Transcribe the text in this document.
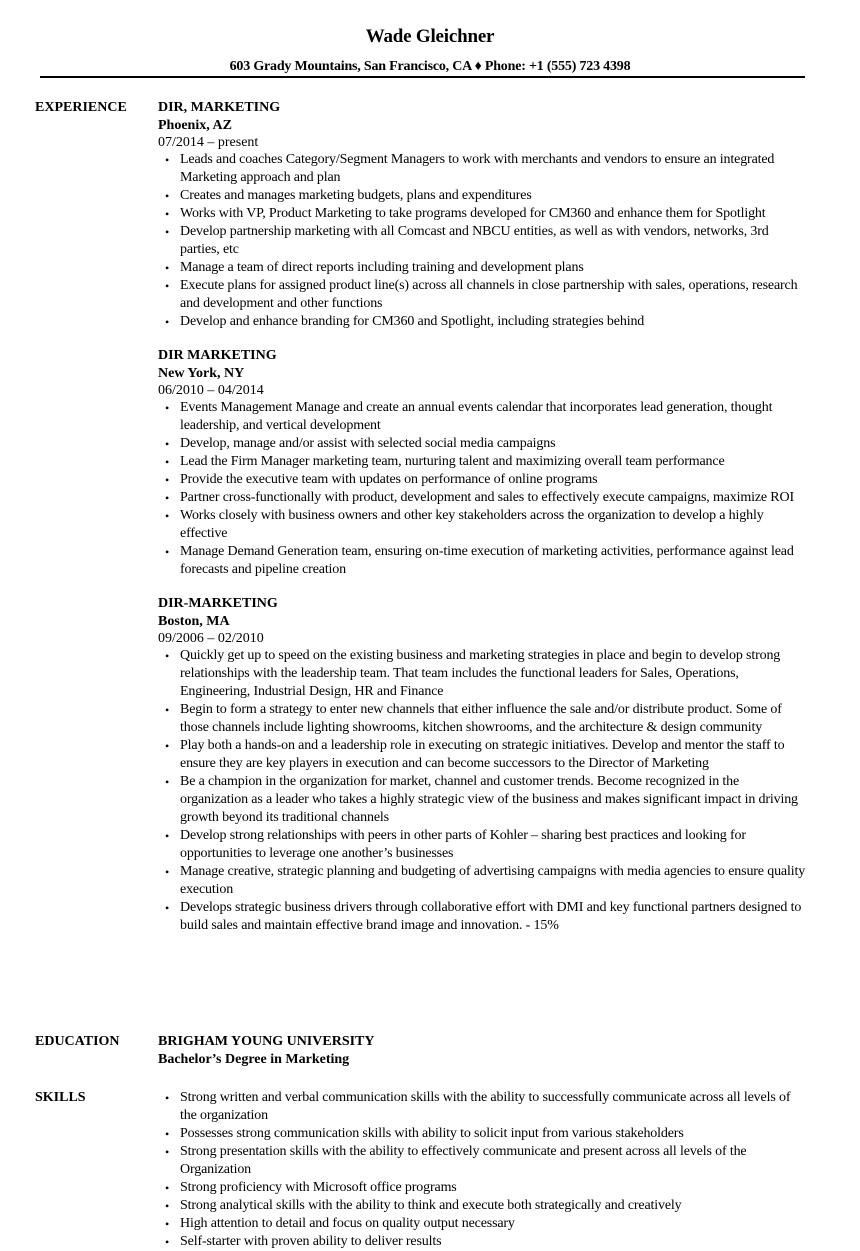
Wade Gleichner
603 Grady Mountains, San Francisco, CA ♦ Phone: +1 (555) 723 4398
EXPERIENCE DIR, MARKETING
Phoenix, AZ
07/2014 – present
• Leads and coaches Category/Segment Managers to work with merchants and vendors to ensure an integrated Marketing approach and plan
• Creates and manages marketing budgets, plans and expenditures
• Works with VP, Product Marketing to take programs developed for CM360 and enhance them for Spotlight
• Develop partnership marketing with all Comcast and NBCU entities, as well as with vendors, networks, 3rd parties, etc
• Manage a team of direct reports including training and development plans
• Execute plans for assigned product line(s) across all channels in close partnership with sales, operations, research and development and other functions
• Develop and enhance branding for CM360 and Spotlight, including strategies behind
DIR MARKETING
New York, NY
06/2010 – 04/2014
• Events Management Manage and create an annual events calendar that incorporates lead generation, thought leadership, and vertical development
• Develop, manage and/or assist with selected social media campaigns
• Lead the Firm Manager marketing team, nurturing talent and maximizing overall team performance
• Provide the executive team with updates on performance of online programs
• Partner cross-functionally with product, development and sales to effectively execute campaigns, maximize ROI
• Works closely with business owners and other key stakeholders across the organization to develop a highly effective
• Manage Demand Generation team, ensuring on-time execution of marketing activities, performance against lead forecasts and pipeline creation
DIR-MARKETING
Boston, MA
09/2006 – 02/2010
• Quickly get up to speed on the existing business and marketing strategies in place and begin to develop strong relationships with the leadership team. That team includes the functional leaders for Sales, Operations, Engineering, Industrial Design, HR and Finance
• Begin to form a strategy to enter new channels that either influence the sale and/or distribute product. Some of those channels include lighting showrooms, kitchen showrooms, and the architecture & design community
• Play both a hands-on and a leadership role in executing on strategic initiatives. Develop and mentor the staff to ensure they are key players in execution and can become successors to the Director of Marketing
• Be a champion in the organization for market, channel and customer trends. Become recognized in the organization as a leader who takes a highly strategic view of the business and makes significant impact in driving growth beyond its traditional channels
• Develop strong relationships with peers in other parts of Kohler – sharing best practices and looking for opportunities to leverage one another’s businesses
• Manage creative, strategic planning and budgeting of advertising campaigns with media agencies to ensure quality execution
• Develops strategic business drivers through collaborative effort with DMI and key functional partners designed to build sales and maintain effective brand image and innovation. - 15%
EDUCATION	BRIGHAM YOUNG UNIVERSITY
Bachelor’s Degree in Marketing
SKILLS	• Strong written and verbal communication skills with the ability to successfully communicate across all levels of the organization
• Possesses strong communication skills with ability to solicit input from various stakeholders
• Strong presentation skills with the ability to effectively communicate and present across all levels of the Organization
• Strong proficiency with Microsoft office programs
• Strong analytical skills with the ability to think and execute both strategically and creatively
• High attention to detail and focus on quality output necessary
• Self-starter with proven ability to deliver results
